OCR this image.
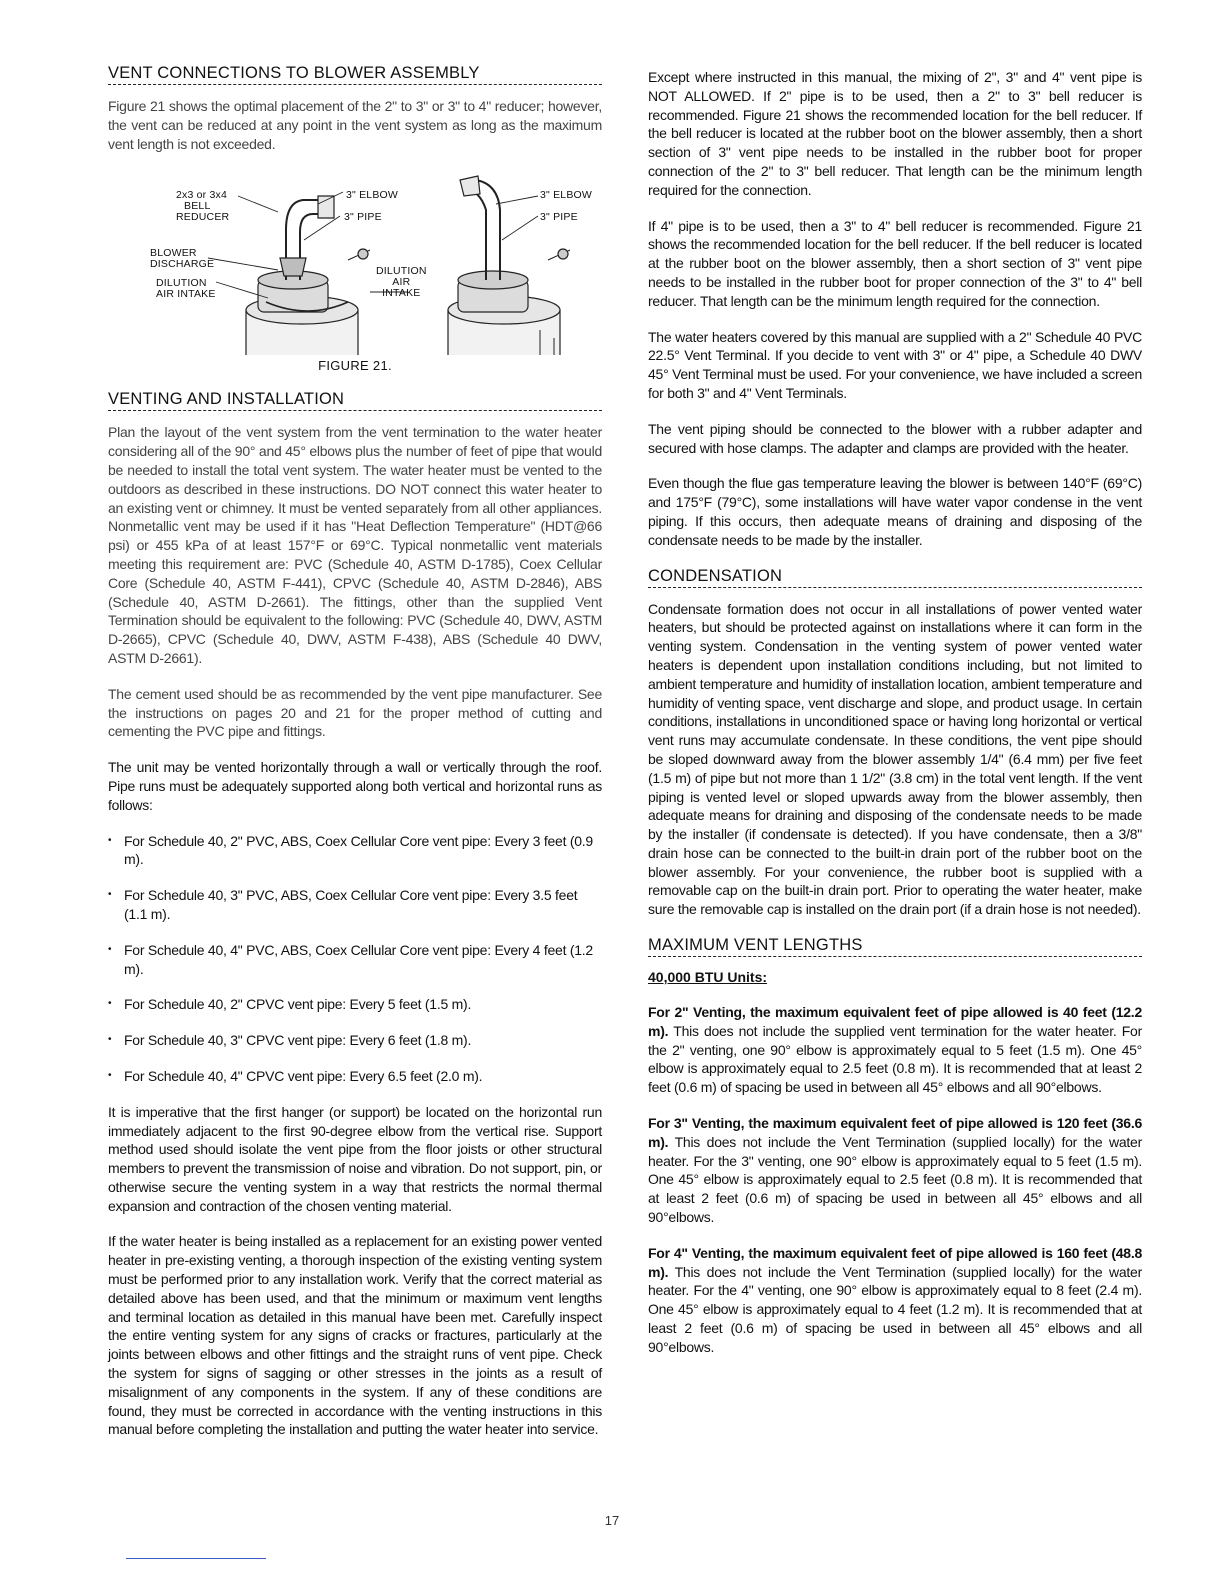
VENT CONNECTIONS TO BLOWER ASSEMBLY

Figure 21 shows the optimal placement of the 2" to 3" or 3" to 4" reducer; however, the vent can be reduced at any point in the vent system as long as the maximum vent length is not exceeded.

2x3 or 3x4
BELL
REDUCER
3" ELBOW
3" PIPE
BLOWER
DISCHARGE
DILUTION
AIR INTAKE
DILUTION
AIR
INTAKE
3" ELBOW
3" PIPE
FIGURE 21.
VENTING AND INSTALLATION

Plan the layout of the vent system from the vent termination to the water heater considering all of the 90° and 45° elbows plus the number of feet of pipe that would be needed to install the total vent system. The water heater must be vented to the outdoors as described in these instructions. DO NOT connect this water heater to an existing vent or chimney. It must be vented separately from all other appliances. Nonmetallic vent may be used if it has "Heat Deflection Temperature" (HDT@66 psi) or 455 kPa of at least 157°F or 69°C. Typical nonmetallic vent materials meeting this requirement are: PVC (Schedule 40, ASTM D-1785), Coex Cellular Core (Schedule 40, ASTM F-441), CPVC (Schedule 40, ASTM D-2846), ABS (Schedule 40, ASTM D-2661). The fittings, other than the supplied Vent Termination should be equivalent to the following: PVC (Schedule 40, DWV, ASTM D-2665), CPVC (Schedule 40, DWV, ASTM F-438), ABS (Schedule 40 DWV, ASTM D-2661).

The cement used should be as recommended by the vent pipe manufacturer. See the instructions on pages 20 and 21 for the proper method of cutting and cementing the PVC pipe and fittings.

The unit may be vented horizontally through a wall or vertically through the roof. Pipe runs must be adequately supported along both vertical and horizontal runs as follows:

• For Schedule 40, 2" PVC, ABS, Coex Cellular Core vent pipe: Every 3 feet (0.9 m).
• For Schedule 40, 3" PVC, ABS, Coex Cellular Core vent pipe: Every 3.5 feet (1.1 m).
• For Schedule 40, 4" PVC, ABS, Coex Cellular Core vent pipe: Every 4 feet (1.2 m).
• For Schedule 40, 2" CPVC vent pipe: Every 5 feet (1.5 m).
• For Schedule 40, 3" CPVC vent pipe: Every 6 feet (1.8 m).
• For Schedule 40, 4" CPVC vent pipe: Every 6.5 feet (2.0 m).

It is imperative that the first hanger (or support) be located on the horizontal run immediately adjacent to the first 90-degree elbow from the vertical rise. Support method used should isolate the vent pipe from the floor joists or other structural members to prevent the transmission of noise and vibration. Do not support, pin, or otherwise secure the venting system in a way that restricts the normal thermal expansion and contraction of the chosen venting material.

If the water heater is being installed as a replacement for an existing power vented heater in pre-existing venting, a thorough inspection of the existing venting system must be performed prior to any installation work. Verify that the correct material as detailed above has been used, and that the minimum or maximum vent lengths and terminal location as detailed in this manual have been met. Carefully inspect the entire venting system for any signs of cracks or fractures, particularly at the joints between elbows and other fittings and the straight runs of vent pipe. Check the system for signs of sagging or other stresses in the joints as a result of misalignment of any components in the system. If any of these conditions are found, they must be corrected in accordance with the venting instructions in this manual before completing the installation and putting the water heater into service.

Except where instructed in this manual, the mixing of 2", 3" and 4" vent pipe is NOT ALLOWED. If 2" pipe is to be used, then a 2" to 3" bell reducer is recommended. Figure 21 shows the recommended location for the bell reducer. If the bell reducer is located at the rubber boot on the blower assembly, then a short section of 3" vent pipe needs to be installed in the rubber boot for proper connection of the 2" to 3" bell reducer. That length can be the minimum length required for the connection.

If 4" pipe is to be used, then a 3" to 4" bell reducer is recommended. Figure 21 shows the recommended location for the bell reducer. If the bell reducer is located at the rubber boot on the blower assembly, then a short section of 3" vent pipe needs to be installed in the rubber boot for proper connection of the 3" to 4" bell reducer. That length can be the minimum length required for the connection.

The water heaters covered by this manual are supplied with a 2" Schedule 40 PVC 22.5° Vent Terminal. If you decide to vent with 3" or 4" pipe, a Schedule 40 DWV 45° Vent Terminal must be used. For your convenience, we have included a screen for both 3" and 4" Vent Terminals.

The vent piping should be connected to the blower with a rubber adapter and secured with hose clamps. The adapter and clamps are provided with the heater.

Even though the flue gas temperature leaving the blower is between 140°F (69°C) and 175°F (79°C), some installations will have water vapor condense in the vent piping. If this occurs, then adequate means of draining and disposing of the condensate needs to be made by the installer.

CONDENSATION

Condensate formation does not occur in all installations of power vented water heaters, but should be protected against on installations where it can form in the venting system. Condensation in the venting system of power vented water heaters is dependent upon installation conditions including, but not limited to ambient temperature and humidity of installation location, ambient temperature and humidity of venting space, vent discharge and slope, and product usage. In certain conditions, installations in unconditioned space or having long horizontal or vertical vent runs may accumulate condensate. In these conditions, the vent pipe should be sloped downward away from the blower assembly 1/4" (6.4 mm) per five feet (1.5 m) of pipe but not more than 1 1/2" (3.8 cm) in the total vent length. If the vent piping is vented level or sloped upwards away from the blower assembly, then adequate means for draining and disposing of the condensate needs to be made by the installer (if condensate is detected). If you have condensate, then a 3/8" drain hose can be connected to the built-in drain port of the rubber boot on the blower assembly. For your convenience, the rubber boot is supplied with a removable cap on the built-in drain port. Prior to operating the water heater, make sure the removable cap is installed on the drain port (if a drain hose is not needed).

MAXIMUM VENT LENGTHS
40,000 BTU Units:

For 2" Venting, the maximum equivalent feet of pipe allowed is 40 feet (12.2 m). This does not include the supplied vent termination for the water heater. For the 2" venting, one 90° elbow is approximately equal to 5 feet (1.5 m). One 45° elbow is approximately equal to 2.5 feet (0.8 m). It is recommended that at least 2 feet (0.6 m) of spacing be used in between all 45° elbows and all 90°elbows.

For 3" Venting, the maximum equivalent feet of pipe allowed is 120 feet (36.6 m). This does not include the Vent Termination (supplied locally) for the water heater. For the 3" venting, one 90° elbow is approximately equal to 5 feet (1.5 m). One 45° elbow is approximately equal to 2.5 feet (0.8 m). It is recommended that at least 2 feet (0.6 m) of spacing be used in between all 45° elbows and all 90°elbows.

For 4" Venting, the maximum equivalent feet of pipe allowed is 160 feet (48.8 m). This does not include the Vent Termination (supplied locally) for the water heater. For the 4" venting, one 90° elbow is approximately equal to 8 feet (2.4 m). One 45° elbow is approximately equal to 4 feet (1.2 m). It is recommended that at least 2 feet (0.6 m) of spacing be used in between all 45° elbows and all 90°elbows.

17
